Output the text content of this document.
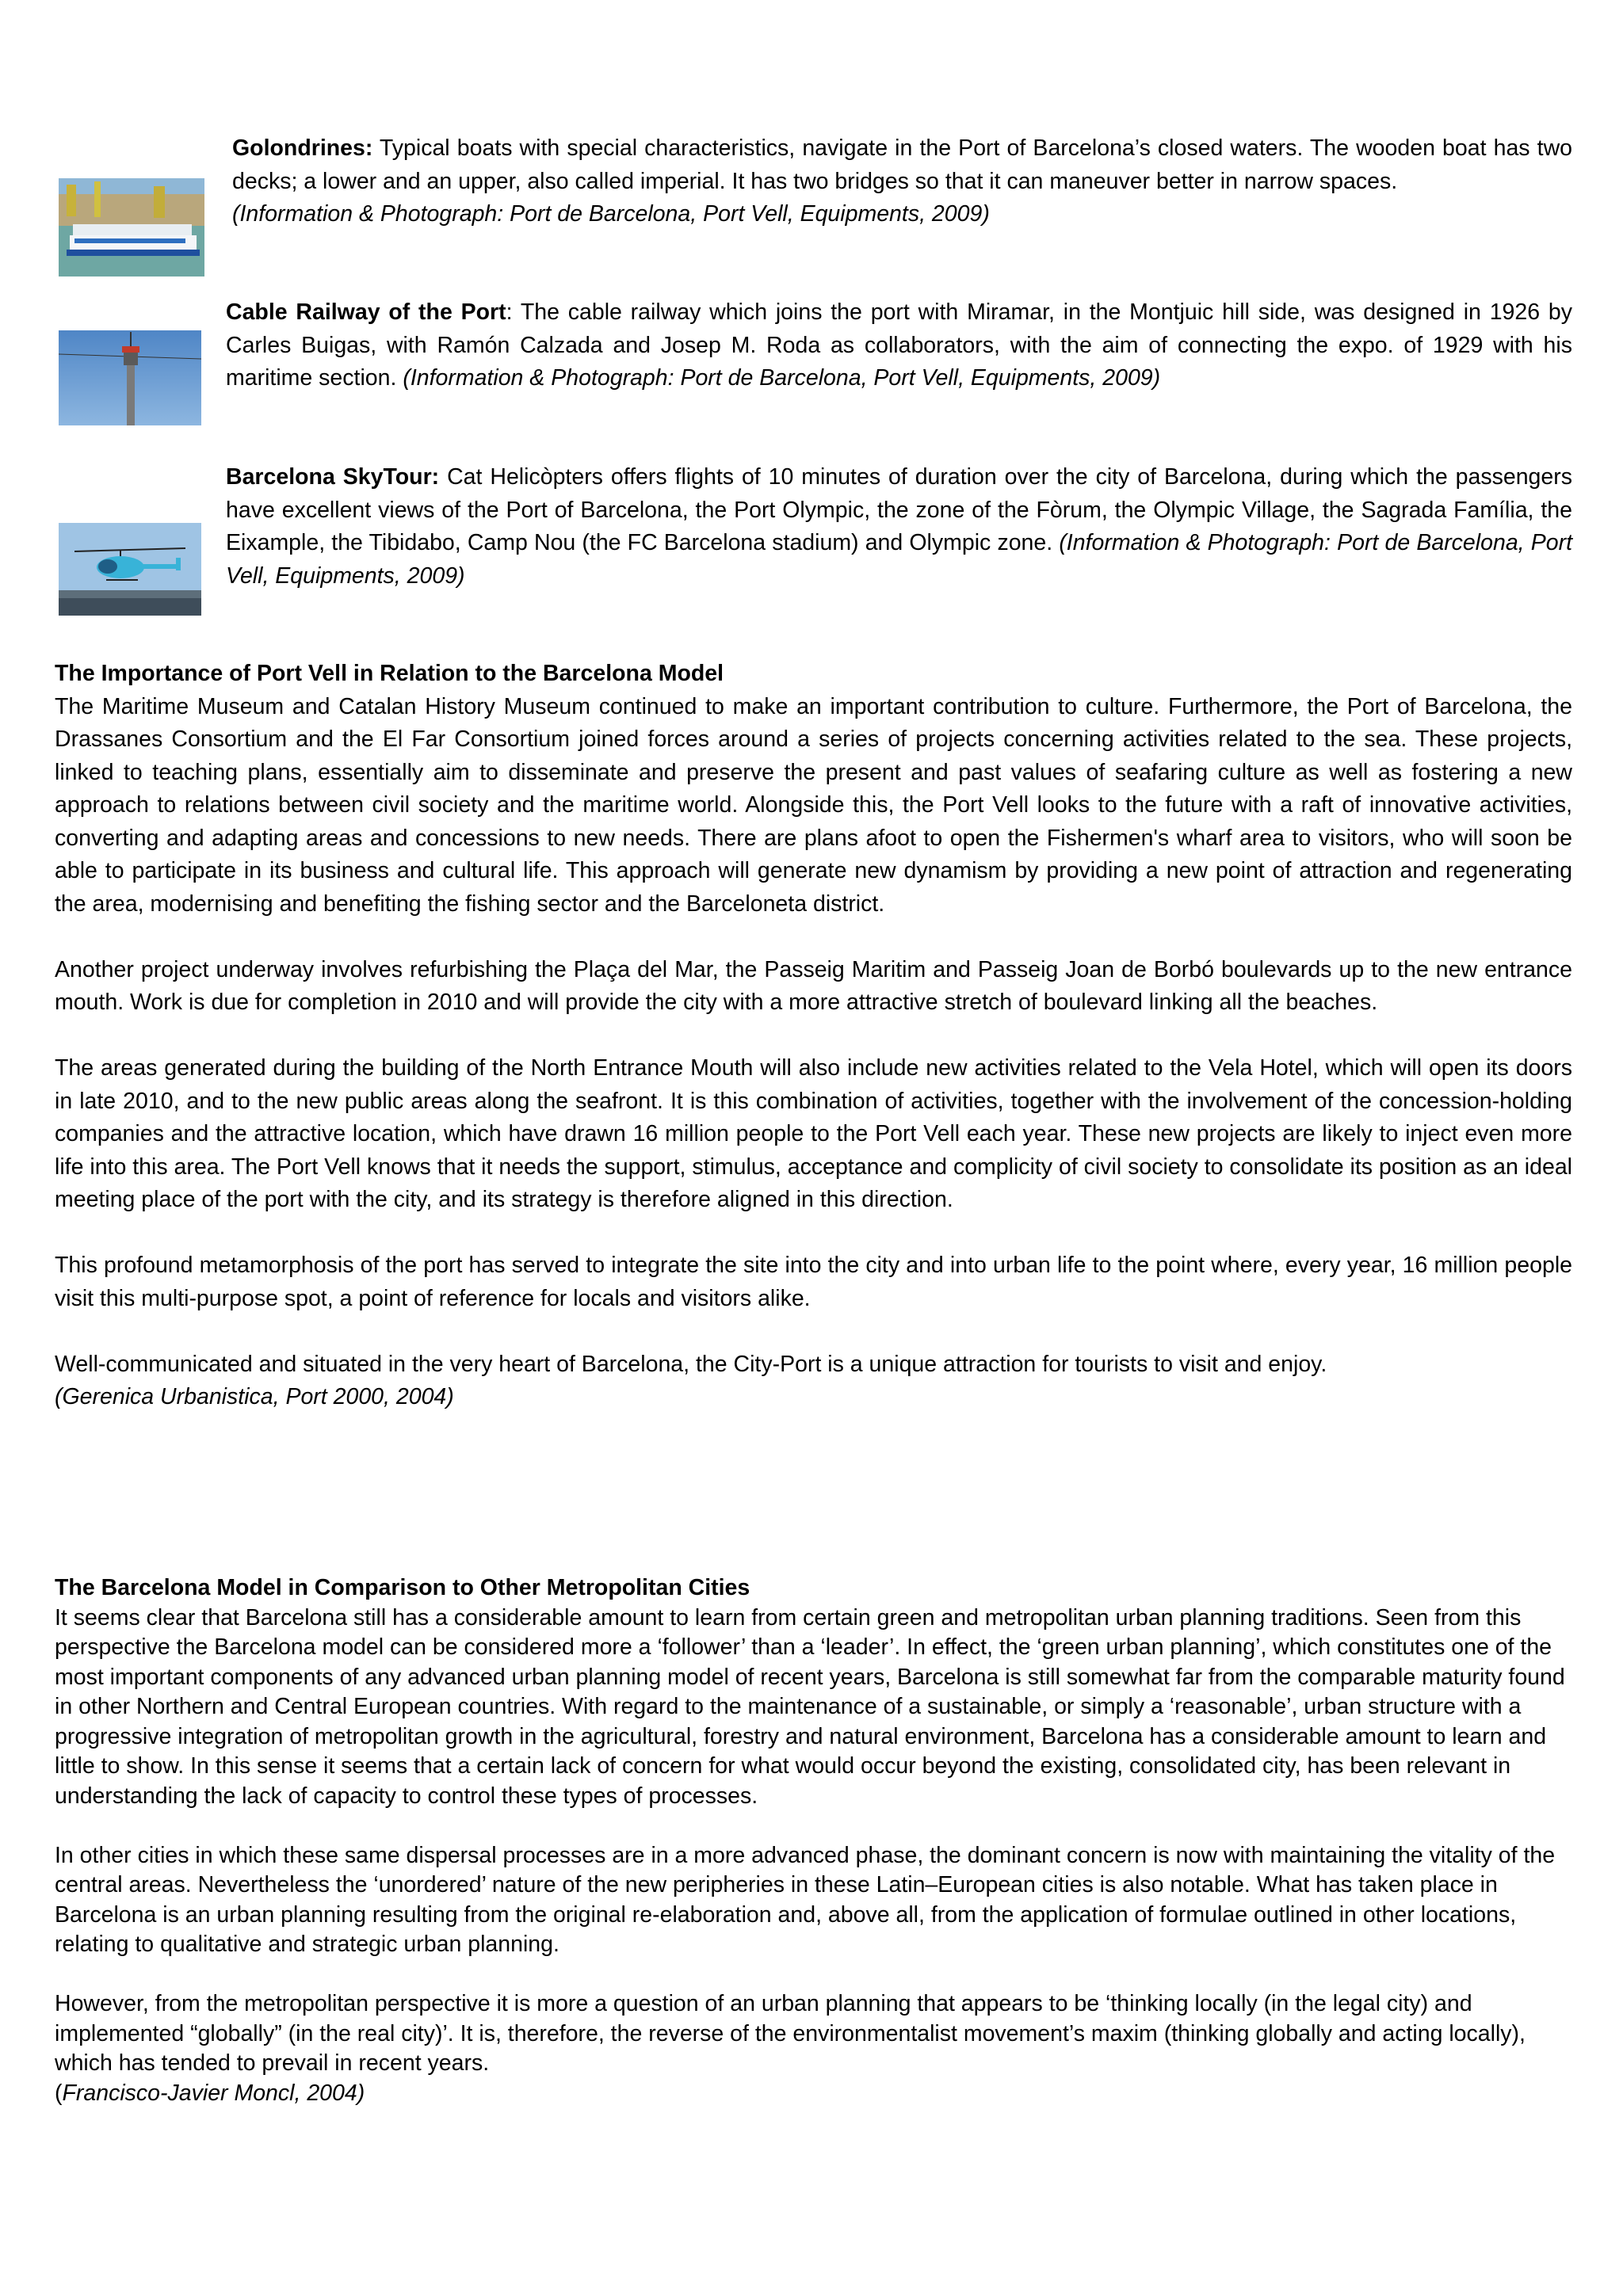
Golondrines: Typical boats with special characteristics, navigate in the Port of Barcelona’s closed waters. The wooden boat has two decks; a lower and an upper, also called imperial. It has two bridges so that it can maneuver better in narrow spaces.
(Information & Photograph: Port de Barcelona, Port Vell, Equipments, 2009)

Cable Railway of the Port: The cable railway which joins the port with Miramar, in the Montjuic hill side, was designed in 1926 by Carles Buigas, with Ramón Calzada and Josep M. Roda as collaborators, with the aim of connecting the expo. of 1929 with his maritime section. (Information & Photograph: Port de Barcelona, Port Vell, Equipments, 2009)

Barcelona SkyTour: Cat Helicòpters offers flights of 10 minutes of duration over the city of Barcelona, during which the passengers have excellent views of the Port of Barcelona, the Port Olympic, the zone of the Fòrum, the Olympic Village, the Sagrada Família, the Eixample, the Tibidabo, Camp Nou (the FC Barcelona stadium) and Olympic zone. (Information & Photograph: Port de Barcelona, Port Vell, Equipments, 2009)

The Importance of Port Vell in Relation to the Barcelona Model

The Maritime Museum and Catalan History Museum continued to make an important contribution to culture. Furthermore, the Port of Barcelona, the Drassanes Consortium and the El Far Consortium joined forces around a series of projects concerning activities related to the sea. These projects, linked to teaching plans, essentially aim to disseminate and preserve the present and past values of seafaring culture as well as fostering a new approach to relations between civil society and the maritime world. Alongside this, the Port Vell looks to the future with a raft of innovative activities, converting and adapting areas and concessions to new needs. There are plans afoot to open the Fishermen's wharf area to visitors, who will soon be able to participate in its business and cultural life. This approach will generate new dynamism by providing a new point of attraction and regenerating the area, modernising and benefiting the fishing sector and the Barceloneta district.

Another project underway involves refurbishing the Plaça del Mar, the Passeig Maritim and Passeig Joan de Borbó boulevards up to the new entrance mouth. Work is due for completion in 2010 and will provide the city with a more attractive stretch of boulevard linking all the beaches.

The areas generated during the building of the North Entrance Mouth will also include new activities related to the Vela Hotel, which will open its doors in late 2010, and to the new public areas along the seafront. It is this combination of activities, together with the involvement of the concession-holding companies and the attractive location, which have drawn 16 million people to the Port Vell each year. These new projects are likely to inject even more life into this area. The Port Vell knows that it needs the support, stimulus, acceptance and complicity of civil society to consolidate its position as an ideal meeting place of the port with the city, and its strategy is therefore aligned in this direction.

This profound metamorphosis of the port has served to integrate the site into the city and into urban life to the point where, every year, 16 million people visit this multi-purpose spot, a point of reference for locals and visitors alike.

Well-communicated and situated in the very heart of Barcelona, the City-Port is a unique attraction for tourists to visit and enjoy.

(Gerenica Urbanistica, Port 2000, 2004)

The Barcelona Model in Comparison to Other Metropolitan Cities

It seems clear that Barcelona still has a considerable amount to learn from certain green and metropolitan urban planning traditions. Seen from this perspective the Barcelona model can be considered more a ‘follower’ than a ‘leader’. In effect, the ‘green urban planning’, which constitutes one of the most important components of any advanced urban planning model of recent years, Barcelona is still somewhat far from the comparable maturity found in other Northern and Central European countries. With regard to the maintenance of a sustainable, or simply a ‘reasonable’, urban structure with a progressive integration of metropolitan growth in the agricultural, forestry and natural environment, Barcelona has a considerable amount to learn and little to show. In this sense it seems that a certain lack of concern for what would occur beyond the existing, consolidated city, has been relevant in understanding the lack of capacity to control these types of processes.

In other cities in which these same dispersal processes are in a more advanced phase, the dominant concern is now with maintaining the vitality of the central areas. Nevertheless the ‘unordered’ nature of the new peripheries in these Latin–European cities is also notable. What has taken place in Barcelona is an urban planning resulting from the original re-elaboration and, above all, from the application of formulae outlined in other locations, relating to qualitative and strategic urban planning.

However, from the metropolitan perspective it is more a question of an urban planning that appears to be ‘thinking locally (in the legal city) and implemented “globally” (in the real city)’. It is, therefore, the reverse of the environmentalist movement’s maxim (thinking globally and acting locally), which has tended to prevail in recent years.

(Francisco-Javier Moncl, 2004)
